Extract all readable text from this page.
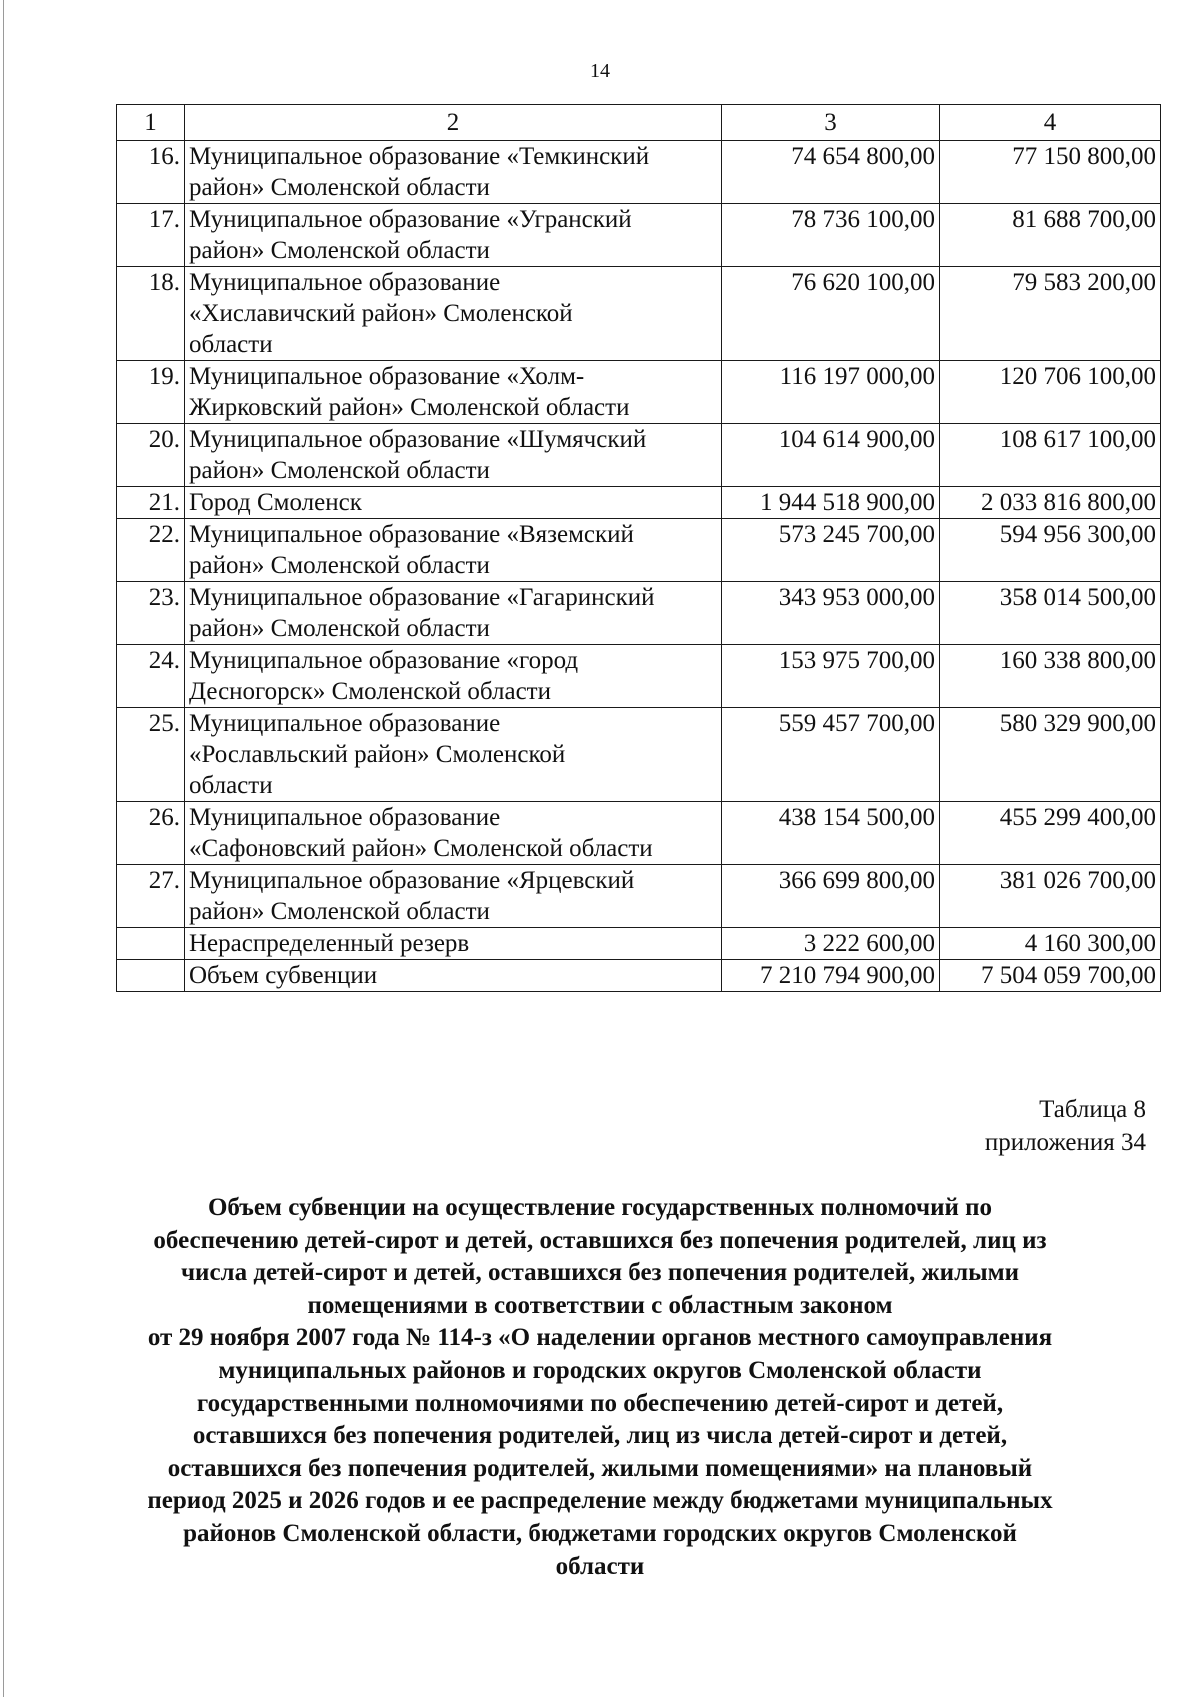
14
1	2	3	4
16.	Муниципальное образование «Темкинский
район» Смоленской области	74 654 800,00	77 150 800,00
17.	Муниципальное образование «Угранский
район» Смоленской области	78 736 100,00	81 688 700,00
18.	Муниципальное образование
«Хиславичский район» Смоленской
области	76 620 100,00	79 583 200,00
19.	Муниципальное образование «Холм-
Жирковский район» Смоленской области	116 197 000,00	120 706 100,00
20.	Муниципальное образование «Шумячский
район» Смоленской области	104 614 900,00	108 617 100,00
21.	Город Смоленск	1 944 518 900,00	2 033 816 800,00
22.	Муниципальное образование «Вяземский
район» Смоленской области	573 245 700,00	594 956 300,00
23.	Муниципальное образование «Гагаринский
район» Смоленской области	343 953 000,00	358 014 500,00
24.	Муниципальное образование «город
Десногорск» Смоленской области	153 975 700,00	160 338 800,00
25.	Муниципальное образование
«Рославльский район» Смоленской
области	559 457 700,00	580 329 900,00
26.	Муниципальное образование
«Сафоновский район» Смоленской области	438 154 500,00	455 299 400,00
27.	Муниципальное образование «Ярцевский
район» Смоленской области	366 699 800,00	381 026 700,00

	Нераспределенный резерв	3 222 600,00	4 160 300,00

	Объем субвенции	7 210 794 900,00	7 504 059 700,00
Таблица 8
приложения 34
Объем субвенции на осуществление государственных полномочий по
обеспечению детей-сирот и детей, оставшихся без попечения родителей, лиц из
числа детей-сирот и детей, оставшихся без попечения родителей, жилыми
помещениями в соответствии с областным законом
от 29 ноября 2007 года № 114-з «О наделении органов местного самоуправления
муниципальных районов и городских округов Смоленской области
государственными полномочиями по обеспечению детей-сирот и детей,
оставшихся без попечения родителей, лиц из числа детей-сирот и детей,
оставшихся без попечения родителей, жилыми помещениями» на плановый
период 2025 и 2026 годов и ее распределение между бюджетами муниципальных
районов Смоленской области, бюджетами городских округов Смоленской
области
